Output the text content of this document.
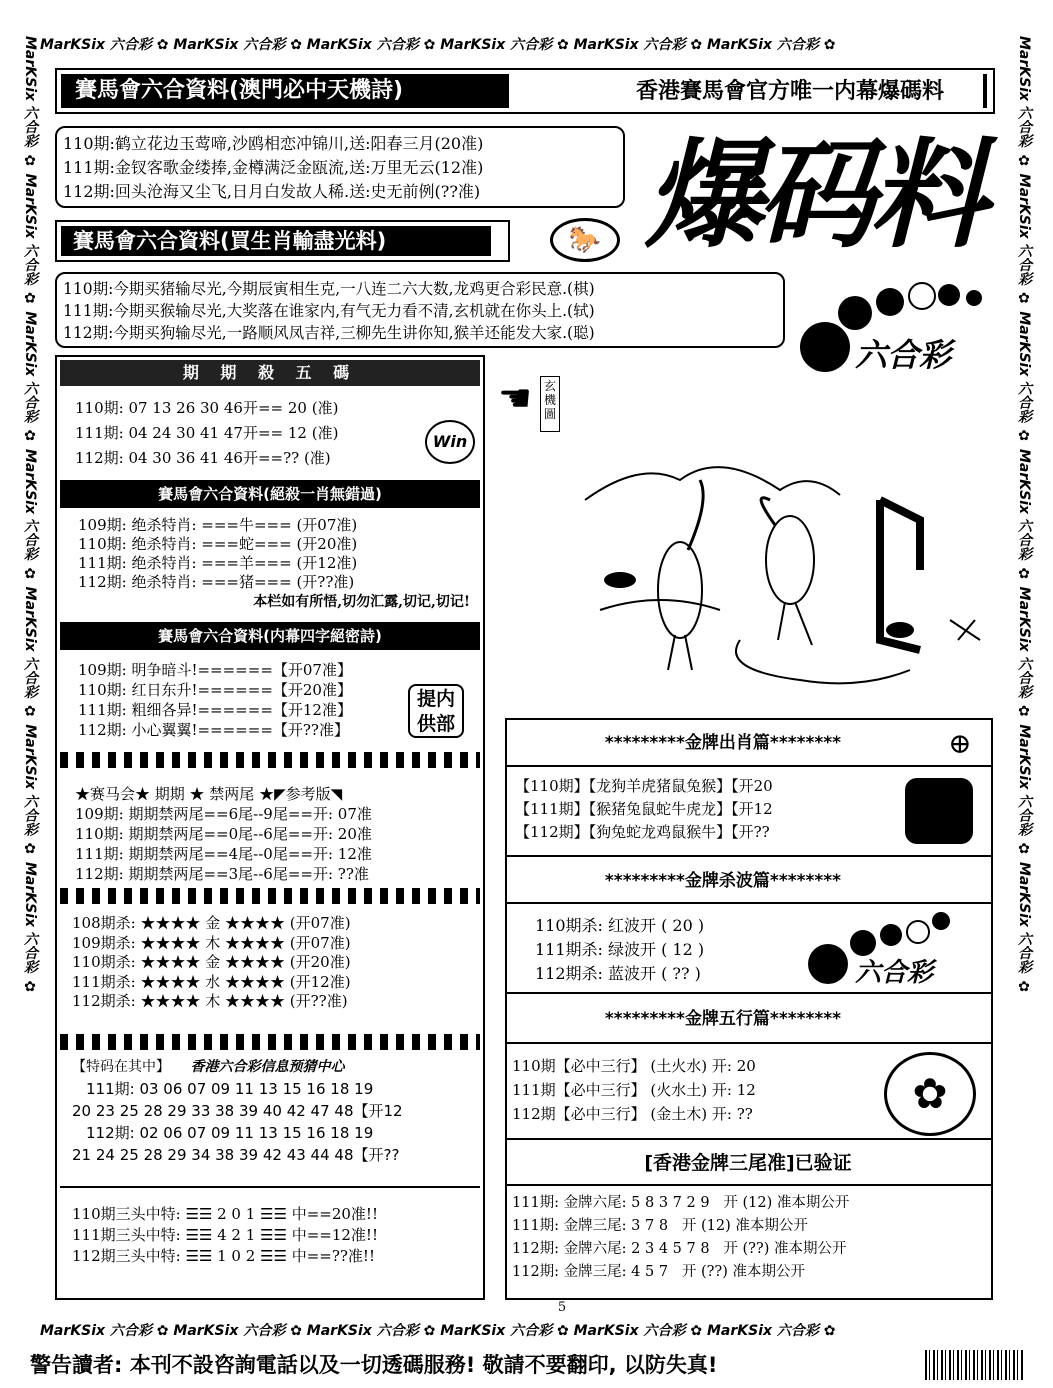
MarKSix 六合彩 ✿ MarKSix 六合彩 ✿ MarKSix 六合彩 ✿ MarKSix 六合彩 ✿ MarKSix 六合彩 ✿ MarKSix 六合彩 ✿
MarKSix 六合彩 ✿ MarKSix 六合彩 ✿ MarKSix 六合彩 ✿ MarKSix 六合彩 ✿ MarKSix 六合彩 ✿ MarKSix 六合彩 ✿
MarKSix 六合彩 ✿ MarKSix 六合彩 ✿ MarKSix 六合彩 ✿ MarKSix 六合彩 ✿ MarKSix 六合彩 ✿ MarKSix 六合彩 ✿ MarKSix 六合彩 ✿	MarKSix 六合彩 ✿ MarKSix 六合彩 ✿ MarKSix 六合彩 ✿ MarKSix 六合彩 ✿ MarKSix 六合彩 ✿ MarKSix 六合彩 ✿ MarKSix 六合彩 ✿
賽馬會六合資料(澳門必中天機詩)	香港賽馬會官方唯一内幕爆碼料
110期:鹤立花边玉莺啼,沙鸥相恋冲锦川,送:阳春三月(20准)
111期:金钗客歌金缕捧,金樽满泛金瓯流,送:万里无云(12准)
112期:回头沧海又尘飞,日月白发故人稀.送:史无前例(??准)	爆码料
賽馬會六合資料(買生肖輸盡光料)	🐎
110期:今期买猪输尽光,今期辰寅相生克,一八连二六大数,龙鸡更合彩民意.(棋)
111期:今期买猴输尽光,大奖落在谁家内,有气无力看不清,玄机就在你头上.(轼)
112期:今期买狗输尽光,一路顺风凤吉祥,三柳先生讲你知,猴羊还能发大家.(聪)
六合彩
期 期 殺 五 碼
110期: 07 13 26 30 46开== 20 (准)
111期: 04 24 30 41 47开== 12 (准)
112期: 04 30 36 41 46开==?? (准)
Win
賽馬會六合資料(絕殺一肖無錯過)
109期: 绝杀特肖: ===牛=== (开07准)
110期: 绝杀特肖: ===蛇=== (开20准)
111期: 绝杀特肖: ===羊=== (开12准)
112期: 绝杀特肖: ===猪=== (开??准)
本栏如有所悟,切勿汇露,切记,切记!
賽馬會六合資料(内幕四字絕密詩)
109期: 明争暗斗!======【开07准】
110期: 红日东升!======【开20准】
111期: 粗细各异!======【开12准】
112期: 小心翼翼!======【开??准】
提内供部
★赛马会★ 期期 ★ 禁两尾 ★◤参考版◥
109期: 期期禁两尾==6尾--9尾==开: 07准
110期: 期期禁两尾==0尾--6尾==开: 20准
111期: 期期禁两尾==4尾--0尾==开: 12准
112期: 期期禁两尾==3尾--6尾==开: ??准
108期杀: ★★★★ 金 ★★★★ (开07准)
109期杀: ★★★★ 木 ★★★★ (开07准)
110期杀: ★★★★ 金 ★★★★ (开20准)
111期杀: ★★★★ 水 ★★★★ (开12准)
112期杀: ★★★★ 木 ★★★★ (开??准)
【特码在其中】 香港六合彩信息预猜中心
111期: 03 06 07 09 11 13 15 16 18 19
20 23 25 28 29 33 38 39 40 42 47 48【开12
112期: 02 06 07 09 11 13 15 16 18 19
21 24 25 28 29 34 38 39 42 43 44 48【开??
110期三头中特: ☰☰ 2 0 1 ☰☰ 中==20准!!
111期三头中特: ☰☰ 4 2 1 ☰☰ 中==12准!!
112期三头中特: ☰☰ 1 0 2 ☰☰ 中==??准!!
玄機圖
☚
*********金牌出肖篇********	⊕
【110期】【龙狗羊虎猪鼠兔猴】【开20
【111期】【猴猪兔鼠蛇牛虎龙】【开12
【112期】【狗兔蛇龙鸡鼠猴牛】【开??
*********金牌杀波篇********
110期杀: 红波开 ( 20 )
111期杀: 绿波开 ( 12 )
112期杀: 蓝波开 ( ?? )	六合彩
*********金牌五行篇********
110期【必中三行】 (土火水) 开: 20
111期【必中三行】 (火水土) 开: 12
112期【必中三行】 (金土木) 开: ??	✿
[香港金牌三尾准]已验证
111期: 金牌六尾: 5 8 3 7 2 9   开 (12) 准本期公开
111期: 金牌三尾: 3 7 8   开 (12) 准本期公开
112期: 金牌六尾: 2 3 4 5 7 8   开 (??) 准本期公开
112期: 金牌三尾: 4 5 7   开 (??) 准本期公开
5
警告讀者: 本刊不設咨詢電話以及一切透碼服務! 敬請不要翻印, 以防失真!
